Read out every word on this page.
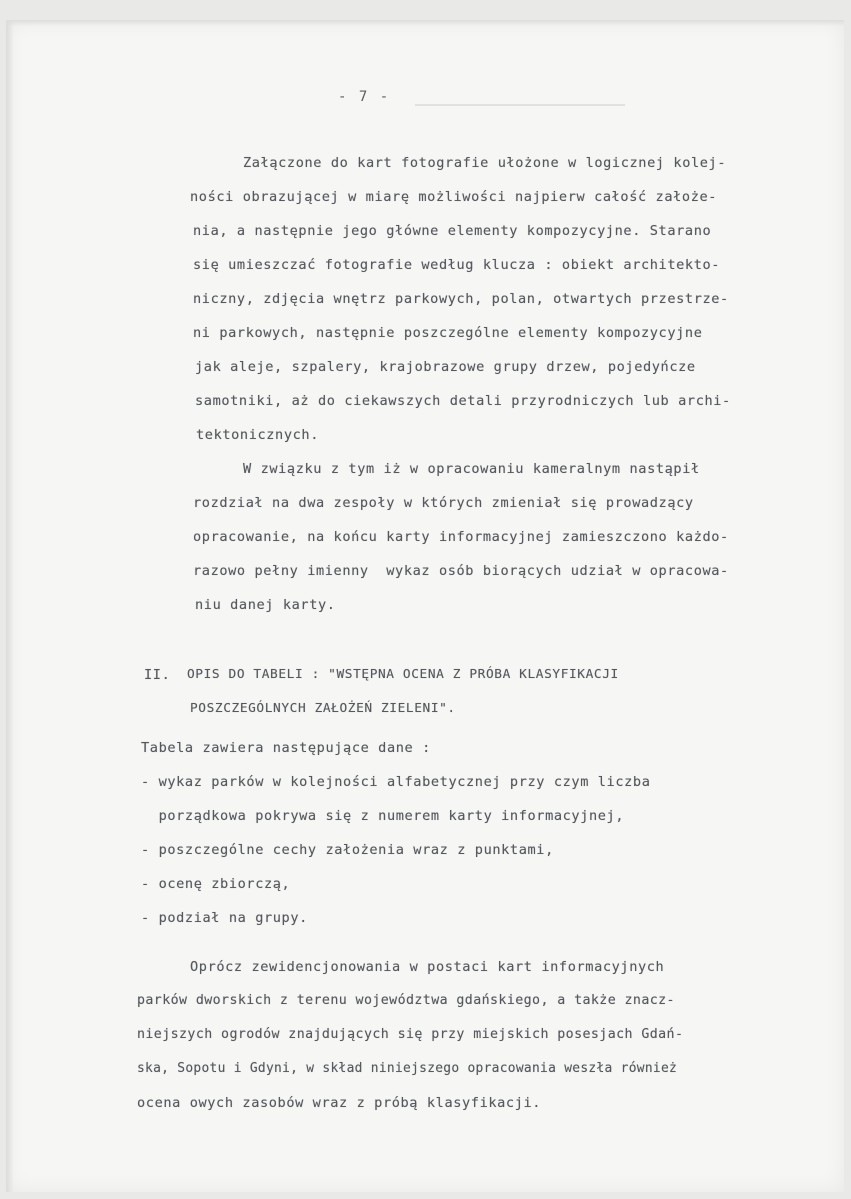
- 7 -
Załączone do kart fotografie ułożone w logicznej kolej-
ności obrazującej w miarę możliwości najpierw całość założe-
nia, a następnie jego główne elementy kompozycyjne. Starano
się umieszczać fotografie według klucza : obiekt architekto-
niczny, zdjęcia wnętrz parkowych, polan, otwartych przestrze-
ni parkowych, następnie poszczególne elementy kompozycyjne
jak aleje, szpalery, krajobrazowe grupy drzew, pojedyńcze
samotniki, aż do ciekawszych detali przyrodniczych lub archi-
tektonicznych.
W związku z tym iż w opracowaniu kameralnym nastąpił
rozdział na dwa zespoły w których zmieniał się prowadzący
opracowanie, na końcu karty informacyjnej zamieszczono każdo-
razowo pełny imienny  wykaz osób biorących udział w opracowa-
niu danej karty.
II. OPIS DO TABELI : "WSTĘPNA OCENA Z PRÓBA KLASYFIKACJI
POSZCZEGÓLNYCH ZAŁOŻEŃ ZIELENI".
Tabela zawiera następujące dane :
- wykaz parków w kolejności alfabetycznej przy czym liczba
porządkowa pokrywa się z numerem karty informacyjnej,
- poszczególne cechy założenia wraz z punktami,
- ocenę zbiorczą,
- podział na grupy.
Oprócz zewidencjonowania w postaci kart informacyjnych
parków dworskich z terenu województwa gdańskiego, a także znacz-
niejszych ogrodów znajdujących się przy miejskich posesjach Gdań-
ska, Sopotu i Gdyni, w skład niniejszego opracowania weszła również
ocena owych zasobów wraz z próbą klasyfikacji.
